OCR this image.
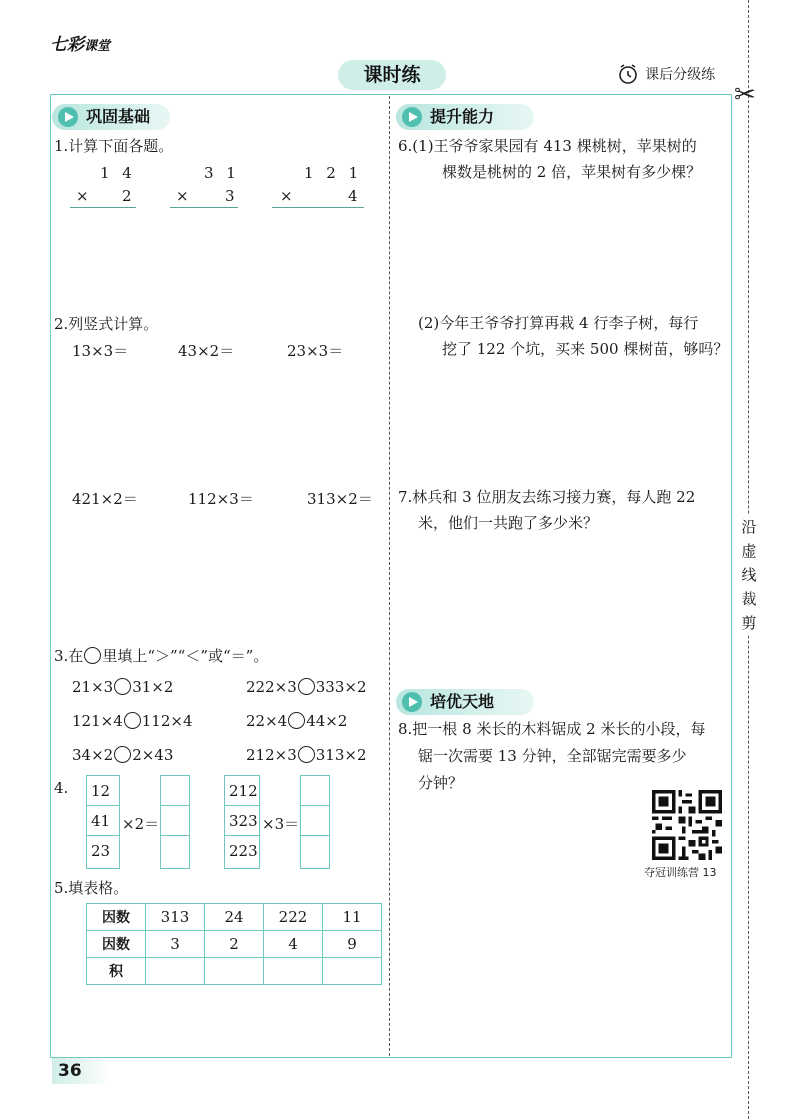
七彩课堂
课时练	课后分级练
✂
沿虚线裁剪
巩固基础
1.计算下面各题。
1 4
× 2
3 1
× 3
1 2 1
×	4
2.列竖式计算。
13×3＝	43×2＝	23×3＝
421×2＝	112×3＝	313×2＝
3.在 里填上“＞”“＜”或“＝”。
21×3 31×2	222×3 333×2
121×4 112×4	22×4 44×2
34×2 2×43	212×3 313×2
4. 12
41
23
×2＝
212
323
223
×3＝
5.填表格。
因数	313	24	222	11
因数	3	2	4	9
积				
提升能力
6.(1)王爷爷家果园有 413 棵桃树，苹果树的
棵数是桃树的 2 倍，苹果树有多少棵？
(2)今年王爷爷打算再栽 4 行李子树，每行
挖了 122 个坑，买来 500 棵树苗，够吗？
7.林兵和 3 位朋友去练习接力赛，每人跑 22
米，他们一共跑了多少米？
培优天地
8.把一根 8 米长的木料锯成 2 米长的小段，每
锯一次需要 13 分钟，全部锯完需要多少
分钟？
夺冠训练营 13
36
